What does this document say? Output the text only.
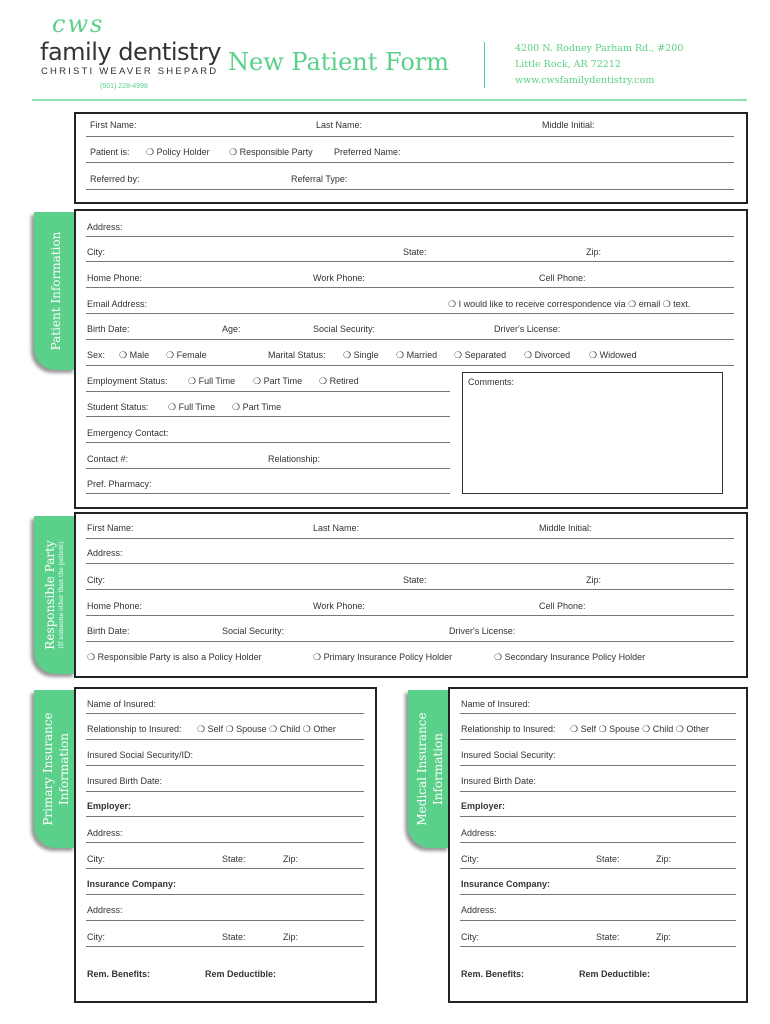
cws
family dentistry
CHRISTI WEAVER SHEPARD
(501) 228-4998
New Patient Form	4200 N. Rodney Parham Rd., #200
Little Rock, AR 72212
www.cwsfamilydentistry.com
First Name:	Last Name:	Middle Initial:
Patient is: ❍ Policy Holder ❍ Responsible Party Preferred Name:
Referred by:	Referral Type:
Patient Information
Address:
City:	State:	Zip:
Home Phone:	Work Phone:	Cell Phone:
Email Address:	❍ I would like to receive correspondence via ❍ email ❍ text.
Birth Date:	Age:	Social Security:	Driver's License:
Sex: ❍ Male ❍ Female	Marital Status: ❍ Single ❍ Married ❍ Separated ❍ Divorced ❍ Widowed
Employment Status: ❍ Full Time ❍ Part Time ❍ Retired	Comments:
Student Status: ❍ Full Time ❍ Part Time
Emergency Contact:
Contact #:	Relationship:
Pref. Pharmacy:
Responsible Party (If someone other than the patient)
First Name:	Last Name:	Middle Initial:
Address:
City:	State:	Zip:
Home Phone:	Work Phone:	Cell Phone:
Birth Date:	Social Security:	Driver's License:
❍ Responsible Party is also a Policy Holder	❍ Primary Insurance Policy Holder	❍ Secondary Insurance Policy Holder
Primary Insurance Information
Name of Insured:
Relationship to Insured: ❍ Self ❍ Spouse ❍ Child ❍ Other
Insured Social Security/ID:
Insured Birth Date:
Employer:
Address:
City:	State:	Zip:
Insurance Company:
Address:
City:	State:	Zip:
Rem. Benefits:	Rem Deductible:
Medical Insurance Information
Name of Insured:
Relationship to Insured: ❍ Self ❍ Spouse ❍ Child ❍ Other
Insured Social Security:
Insured Birth Date:
Employer:
Address:
City:	State:	Zip:
Insurance Company:
Address:
City:	State:	Zip:
Rem. Benefits:	Rem Deductible:
